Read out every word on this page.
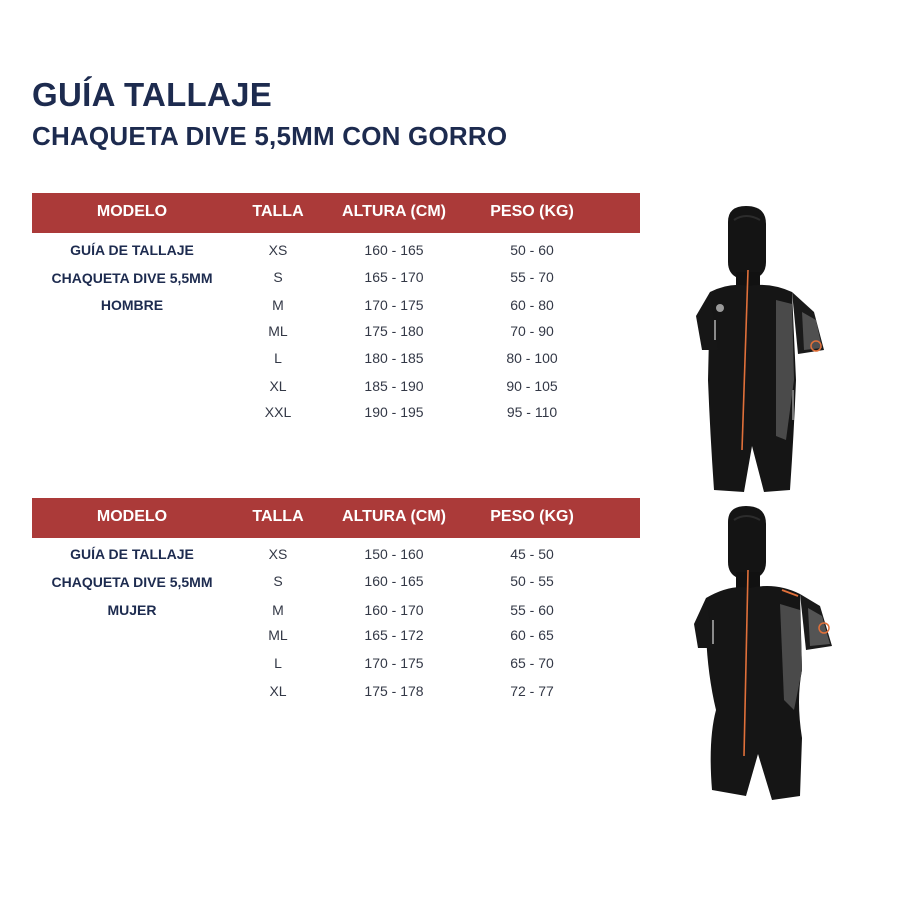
GUÍA TALLAJE
CHAQUETA DIVE 5,5MM CON GORRO
MODELO	TALLA	ALTURA (CM)	PESO (KG)
GUÍA DE TALLAJE
CHAQUETA DIVE 5,5MM
HOMBRE
XS	160 - 165	50 - 60
S	165 - 170	55 - 70
M	170 - 175	60 - 80
ML	175 - 180	70 - 90
L	180 - 185	80 - 100
XL	185 - 190	90 - 105
XXL	190 - 195	95 - 110
MODELO	TALLA	ALTURA (CM)	PESO (KG)
GUÍA DE TALLAJE
CHAQUETA DIVE 5,5MM
MUJER
XS	150 - 160	45 - 50
S	160 - 165	50 - 55
M	160 - 170	55 - 60
ML	165 - 172	60 - 65
L	170 - 175	65 - 70
XL	175 - 178	72 - 77
